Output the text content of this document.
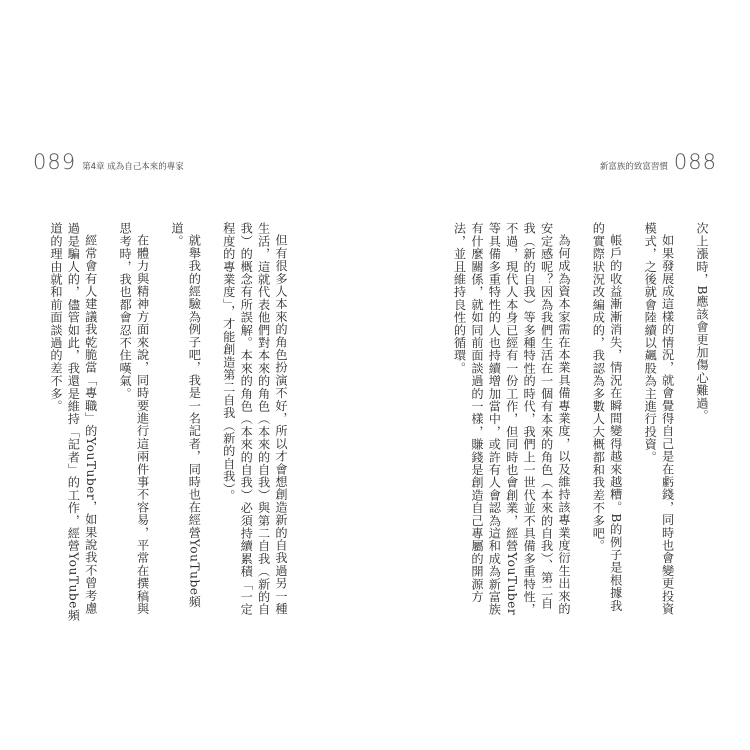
089 第4章 成為自己本來的專家

但有很多人本來的角色扮演不好，所以才會想創造新的自我過另一種生活，這就代表他們對本來的角色（本來的自我）與第二自我（新的自我）的概念有所誤解。本來的角色（本來的自我）必須持續累積「一定程度的專業度」，才能創造第二自我（新的自我）。

就舉我的經驗為例子吧，我是一名記者，同時也在經營YouTube頻道。

在體力與精神方面來說，同時要進行這兩件事不容易，平常在撰稿與思考時，我也都會忍不住嘆氣。

經常會有人建議我乾脆當「專職」的YouTuber，如果說我不曾考慮過是騙人的，儘管如此，我還是維持「記者」的工作，經營YouTube頻道的理由就和前面談過的差不多。

新富族的致富習慣 088

次上漲時，B應該會更加傷心難過。

如果發展成這樣的情況，就會覺得自己是在虧錢，同時也會變更投資模式，之後就會陸續以飆股為主進行投資。

帳戶的收益漸漸消失，情況在瞬間變得越來越糟。B的例子是根據我的實際狀況改編成的，我認為多數人大概都和我差不多吧。

為何成為資本家需在本業具備專業度，以及維持該專業度衍生出來的安定感呢？因為我們生活在一個有本來的角色（本來的自我）、第二自我（新的自我）等多種特性的時代，我們上一世代並不具備多重特性，不過，現代人本身已經有一份工作，但同時也會創業，經營YouTuber等具備多重特性的人也持續增加當中，或許有人會認為這和成為新富族有什麼關係，就如同前面談過的一樣，賺錢是創造自己專屬的開源方法，並且維持良性的循環。
